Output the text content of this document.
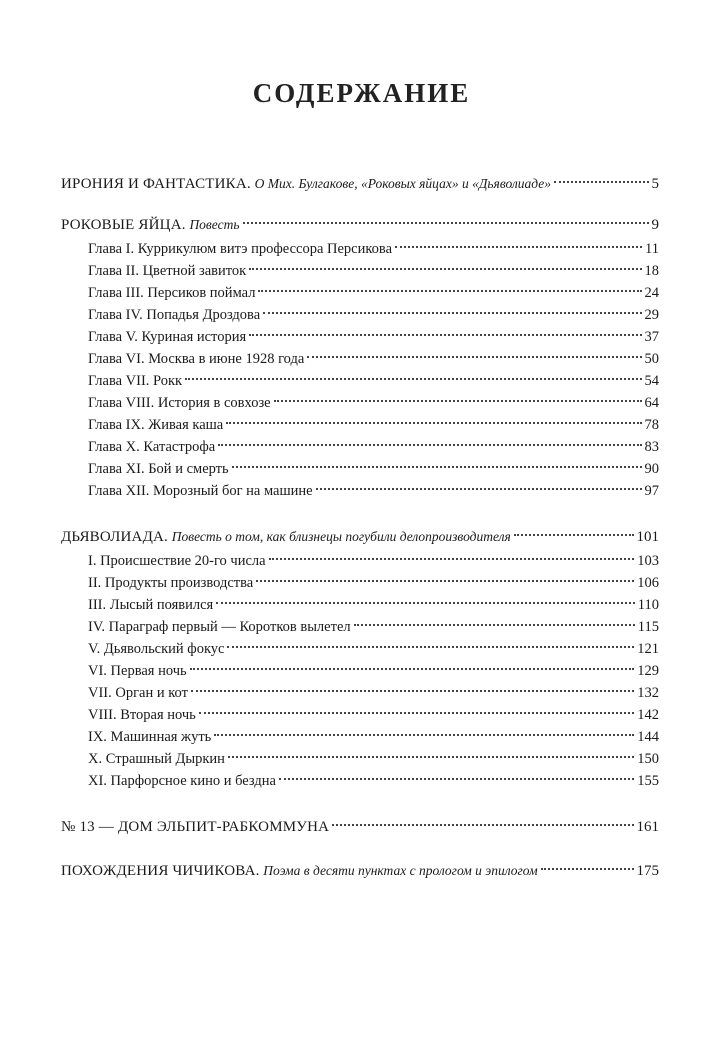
СОДЕРЖАНИЕ
ИРОНИЯ И ФАНТАСТИКА. О Мих. Булгакове, «Роковых яйцах» и «Дьяволиаде»	5
РОКОВЫЕ ЯЙЦА. Повесть	9
Глава I. Куррикулюм витэ профессора Персикова	11
Глава II. Цветной завиток	18
Глава III. Персиков поймал	24
Глава IV. Попадья Дроздова	29
Глава V. Куриная история	37
Глава VI. Москва в июне 1928 года	50
Глава VII. Рокк	54
Глава VIII. История в совхозе	64
Глава IX. Живая каша	78
Глава X. Катастрофа	83
Глава XI. Бой и смерть	90
Глава XII. Морозный бог на машине	97
ДЬЯВОЛИАДА. Повесть о том, как близнецы погубили делопроизводителя	101
I. Происшествие 20-го числа	103
II. Продукты производства	106
III. Лысый появился	110
IV. Параграф первый — Коротков вылетел	115
V. Дьявольский фокус	121
VI. Первая ночь	129
VII. Орган и кот	132
VIII. Вторая ночь	142
IX. Машинная жуть	144
X. Страшный Дыркин	150
XI. Парфорсное кино и бездна	155
№ 13 — ДОМ ЭЛЬПИТ-РАБКОММУНА	161
ПОХОЖДЕНИЯ ЧИЧИКОВА. Поэма в десяти пунктах с прологом и эпилогом	175
